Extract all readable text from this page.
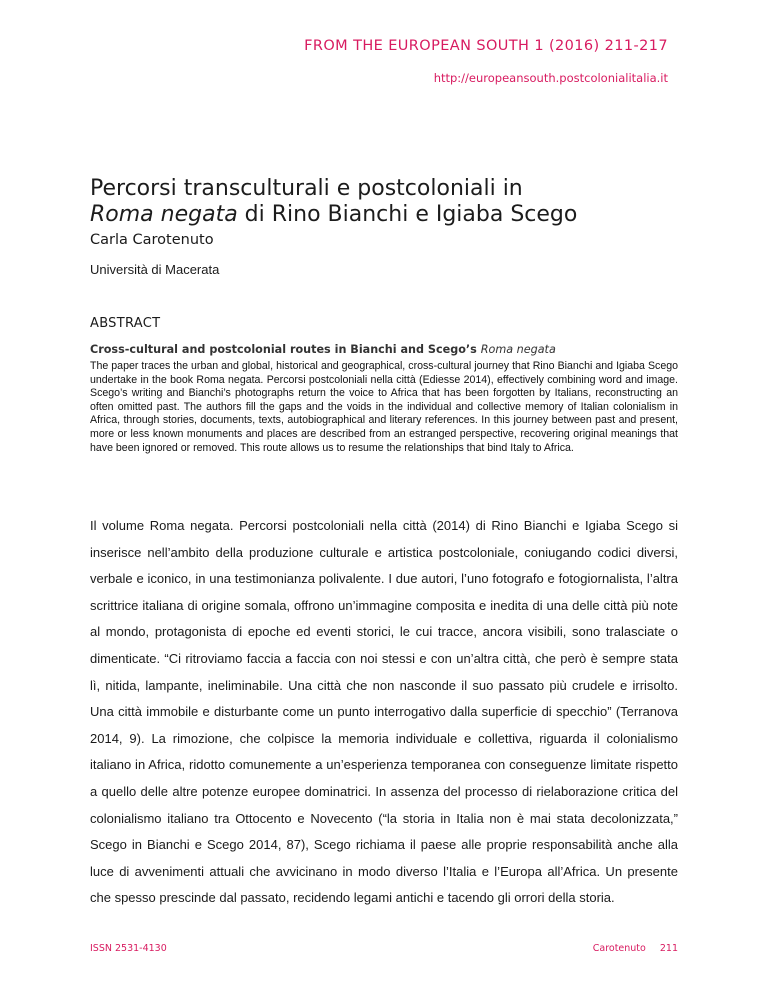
FROM THE EUROPEAN SOUTH 1 (2016) 211-217
http://europeansouth.postcolonialitalia.it
Percorsi transculturali e postcoloniali in
Roma negata di Rino Bianchi e Igiaba Scego
Carla Carotenuto
Università di Macerata
ABSTRACT
Cross-cultural and postcolonial routes in Bianchi and Scego’s Roma negata
The paper traces the urban and global, historical and geographical, cross-cultural journey that Rino Bianchi and Igiaba Scego undertake in the book Roma negata. Percorsi postcoloniali nella città (Ediesse 2014), effectively combining word and image. Scego’s writing and Bianchi’s photographs return the voice to Africa that has been forgotten by Italians, reconstructing an often omitted past. The authors fill the gaps and the voids in the individual and collective memory of Italian colonialism in Africa, through stories, documents, texts, autobiographical and literary references. In this journey between past and present, more or less known monuments and places are described from an estranged perspective, recovering original meanings that have been ignored or removed. This route allows us to resume the relationships that bind Italy to Africa.
Il volume Roma negata. Percorsi postcoloniali nella città (2014) di Rino Bianchi e Igiaba Scego si inserisce nell’ambito della produzione culturale e artistica postcoloniale, coniugando codici diversi, verbale e iconico, in una testimonianza polivalente. I due autori, l’uno fotografo e fotogiornalista, l’altra scrittrice italiana di origine somala, offrono un’immagine composita e inedita di una delle città più note al mondo, protagonista di epoche ed eventi storici, le cui tracce, ancora visibili, sono tralasciate o dimenticate. “Ci ritroviamo faccia a faccia con noi stessi e con un’altra città, che però è sempre stata lì, nitida, lampante, ineliminabile. Una città che non nasconde il suo passato più crudele e irrisolto. Una città immobile e disturbante come un punto interrogativo dalla superficie di specchio” (Terranova 2014, 9). La rimozione, che colpisce la memoria individuale e collettiva, riguarda il colonialismo italiano in Africa, ridotto comunemente a un’esperienza temporanea con conseguenze limitate rispetto a quello delle altre potenze europee dominatrici. In assenza del processo di rielaborazione critica del colonialismo italiano tra Ottocento e Novecento (“la storia in Italia non è mai stata decolonizzata,” Scego in Bianchi e Scego 2014, 87), Scego richiama il paese alle proprie responsabilità anche alla luce di avvenimenti attuali che avvicinano in modo diverso l’Italia e l’Europa all’Africa. Un presente che spesso prescinde dal passato, recidendo legami antichi e tacendo gli orrori della storia.
ISSN 2531-4130	Carotenuto 211
